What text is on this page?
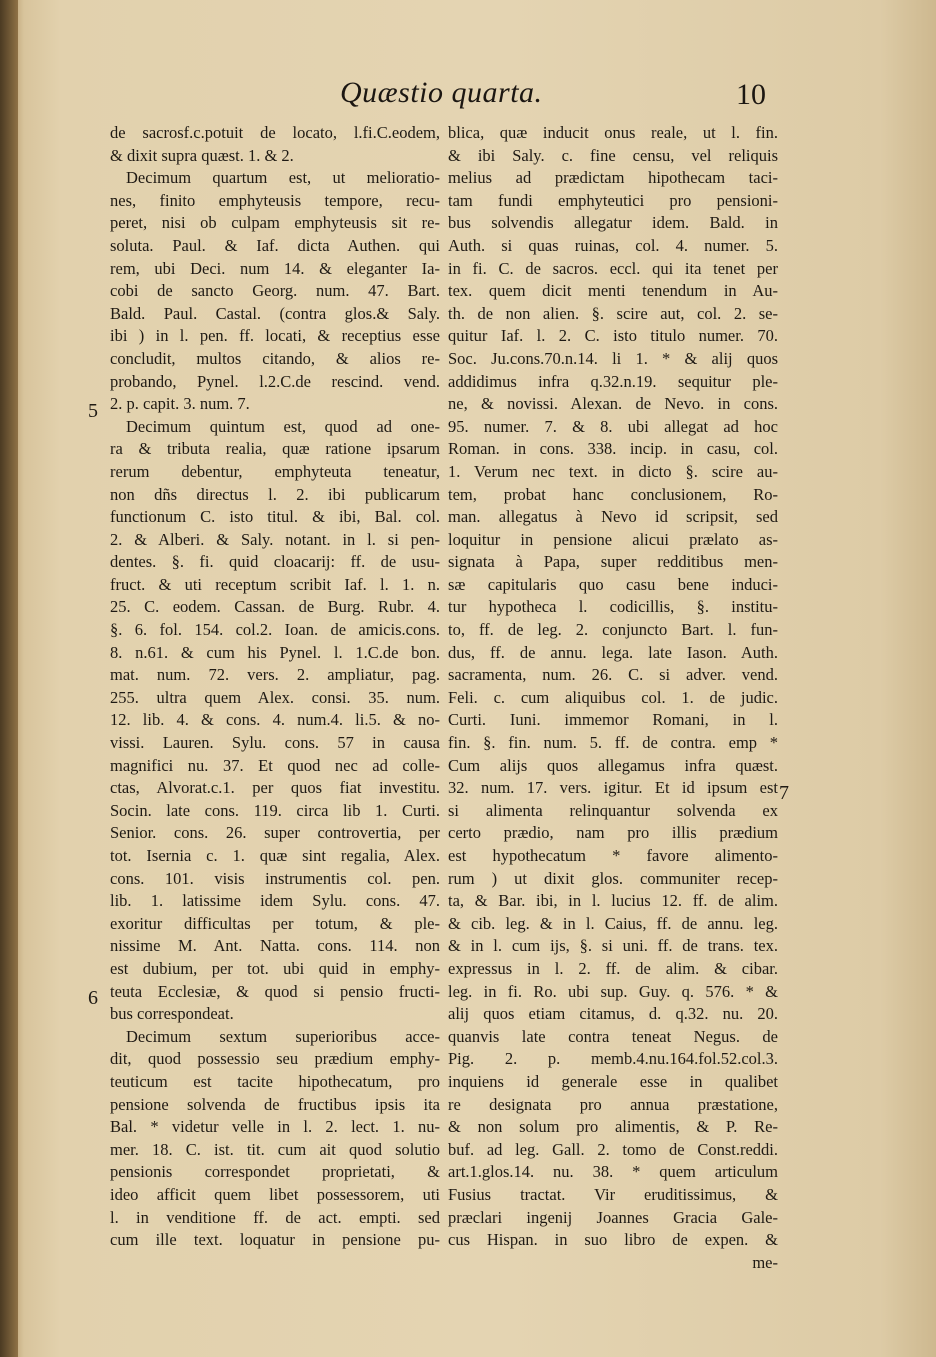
Quæstio quarta.	10
5
6
7
de sacrosf.c.potuit de locato, l.fi.C.eodem,
& dixit supra quæst. 1. & 2.
Decimum quartum est, ut melioratio-
nes, finito emphyteusis tempore, recu-
peret, nisi ob culpam emphyteusis sit re-
soluta. Paul. & Iaf. dicta Authen. qui
rem, ubi Deci. num 14. & eleganter Ia-
cobi de sancto Georg. num. 47. Bart.
Bald. Paul. Castal. (contra glos.& Saly.
ibi ) in l. pen. ff. locati, & receptius esse
concludit, multos citando, & alios re-
probando, Pynel. l.2.C.de rescind. vend.
2. p. capit. 3. num. 7.
Decimum quintum est, quod ad one-
ra & tributa realia, quæ ratione ipsarum
rerum debentur, emphyteuta teneatur,
non dñs directus l. 2. ibi publicarum
functionum C. isto titul. & ibi, Bal. col.
2. & Alberi. & Saly. notant. in l. si pen-
dentes. §. fi. quid cloacarij: ff. de usu-
fruct. & uti receptum scribit Iaf. l. 1. n.
25. C. eodem. Cassan. de Burg. Rubr. 4.
§. 6. fol. 154. col.2. Ioan. de amicis.cons.
8. n.61. & cum his Pynel. l. 1.C.de bon.
mat. num. 72. vers. 2. ampliatur, pag.
255. ultra quem Alex. consi. 35. num.
12. lib. 4. & cons. 4. num.4. li.5. & no-
vissi. Lauren. Sylu. cons. 57 in causa
magnifici nu. 37. Et quod nec ad colle-
ctas, Alvorat.c.1. per quos fiat investitu.
Socin. late cons. 119. circa lib 1. Curti.
Senior. cons. 26. super controvertia, per
tot. Isernia c. 1. quæ sint regalia, Alex.
cons. 101. visis instrumentis col. pen.
lib. 1. latissime idem Sylu. cons. 47.
exoritur difficultas per totum, & ple-
nissime M. Ant. Natta. cons. 114. non
est dubium, per tot. ubi quid in emphy-
teuta Ecclesiæ, & quod si pensio fructi-
bus correspondeat.
Decimum sextum superioribus acce-
dit, quod possessio seu prædium emphy-
teuticum est tacite hipothecatum, pro
pensione solvenda de fructibus ipsis ita
Bal. * videtur velle in l. 2. lect. 1. nu-
mer. 18. C. ist. tit. cum ait quod solutio
pensionis correspondet proprietati, &
ideo afficit quem libet possessorem, uti
l. in venditione ff. de act. empti. sed
cum ille text. loquatur in pensione pu-
blica, quæ inducit onus reale, ut l. fin.
& ibi Saly. c. fine censu, vel reliquis
melius ad prædictam hipothecam taci-
tam fundi emphyteutici pro pensioni-
bus solvendis allegatur idem. Bald. in
Auth. si quas ruinas, col. 4. numer. 5.
in fi. C. de sacros. eccl. qui ita tenet per
tex. quem dicit menti tenendum in Au-
th. de non alien. §. scire aut, col. 2. se-
quitur Iaf. l. 2. C. isto titulo numer. 70.
Soc. Ju.cons.70.n.14. li 1. * & alij quos
addidimus infra q.32.n.19. sequitur ple-
ne, & novissi. Alexan. de Nevo. in cons.
95. numer. 7. & 8. ubi allegat ad hoc
Roman. in cons. 338. incip. in casu, col.
1. Verum nec text. in dicto §. scire au-
tem, probat hanc conclusionem, Ro-
man. allegatus à Nevo id scripsit, sed
loquitur in pensione alicui prælato as-
signata à Papa, super redditibus men-
sæ capitularis quo casu bene induci-
tur hypotheca l. codicillis, §. institu-
to, ff. de leg. 2. conjuncto Bart. l. fun-
dus, ff. de annu. lega. late Iason. Auth.
sacramenta, num. 26. C. si adver. vend.
Feli. c. cum aliquibus col. 1. de judic.
Curti. Iuni. immemor Romani, in l.
fin. §. fin. num. 5. ff. de contra. emp *
Cum alijs quos allegamus infra quæst.
32. num. 17. vers. igitur. Et id ipsum est
si alimenta relinquantur solvenda ex
certo prædio, nam pro illis prædium
est hypothecatum * favore alimento-
rum ) ut dixit glos. communiter recep-
ta, & Bar. ibi, in l. lucius 12. ff. de alim.
& cib. leg. & in l. Caius, ff. de annu. leg.
& in l. cum ijs, §. si uni. ff. de trans. tex.
expressus in l. 2. ff. de alim. & cibar.
leg. in fi. Ro. ubi sup. Guy. q. 576. * &
alij quos etiam citamus, d. q.32. nu. 20.
quanvis late contra teneat Negus. de
Pig. 2. p. memb.4.nu.164.fol.52.col.3.
inquiens id generale esse in qualibet
re designata pro annua præstatione,
& non solum pro alimentis, & P. Re-
buf. ad leg. Gall. 2. tomo de Const.reddi.
art.1.glos.14. nu. 38. * quem articulum
Fusius tractat. Vir eruditissimus, &
præclari ingenij Joannes Gracia Gale-
cus Hispan. in suo libro de expen. &
me-
